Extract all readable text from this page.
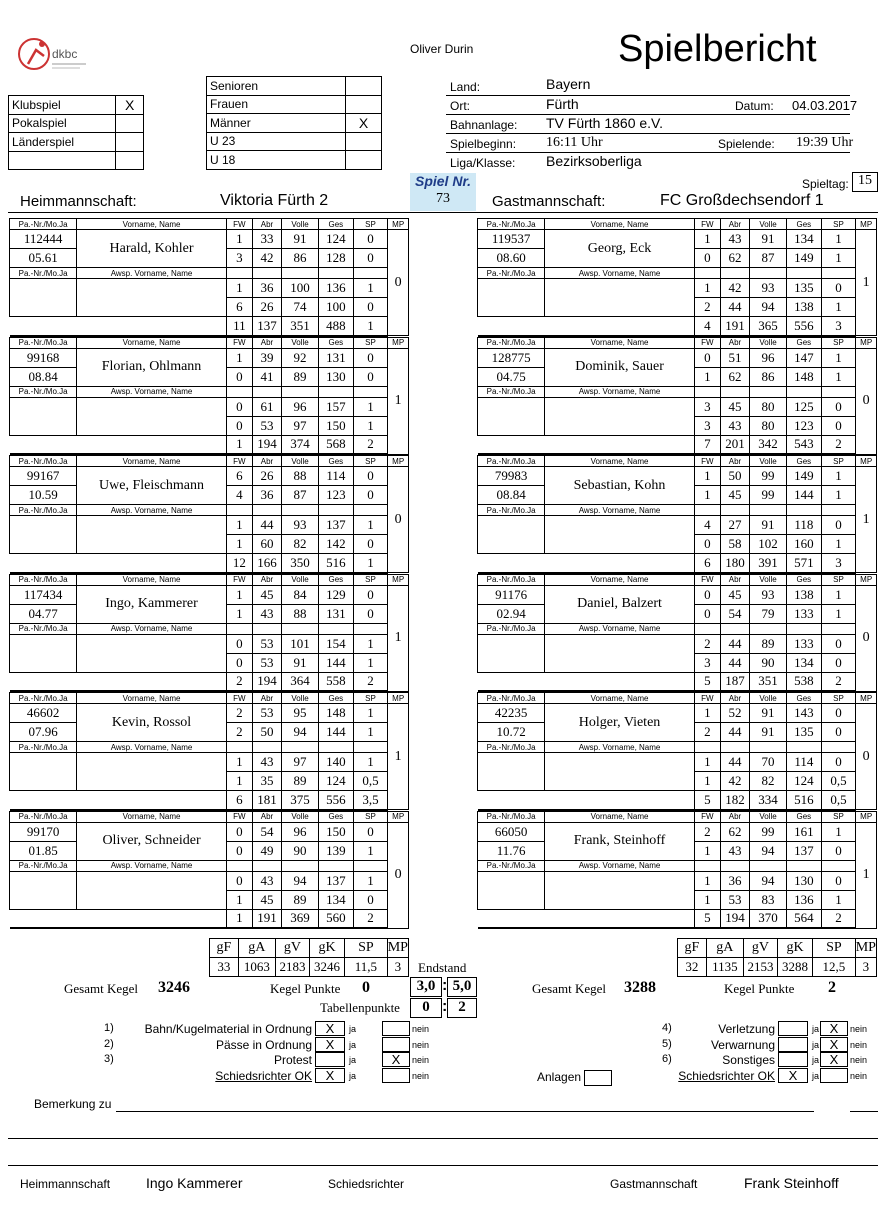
dkbc	Oliver Durin	Spielbericht
Klubspiel	X
Pokalspiel	
Länderspiel	

Senioren	
Frauen	
Männer	X
U 23	
U 18	
Land:	Bayern
Ort:	Fürth	Datum: 04.03.2017
Bahnanlage: TV Fürth 1860 e.V.
Spielbeginn: 16:11 Uhr	Spielende: 19:39 Uhr
Liga/Klasse: Bezirksoberliga
Spieltag: 15
Spiel Nr.
73
Heimmannschaft:	Viktoria Fürth 2	Gastmannschaft:	FC Großdechsendorf 1
Pa.-Nr./Mo.Ja	Vorname, Name	FW	Abr	Volle	Ges	SP	MP
112444	Harald, Kohler	1	33	91	124	0	0
05.61		3	42	86	128	0	
Pa.-Nr./Mo.Ja	Awsp. Vorname, Name						
		1	36	100	136	1	
		6	26	74	100	0	
		11	137	351	488	1	
Pa.-Nr./Mo.Ja	Vorname, Name	FW	Abr	Volle	Ges	SP	MP
99168	Florian, Ohlmann	1	39	92	131	0	1
08.84		0	41	89	130	0	
Pa.-Nr./Mo.Ja	Awsp. Vorname, Name						
		0	61	96	157	1	
		0	53	97	150	1	
		1	194	374	568	2	
Pa.-Nr./Mo.Ja	Vorname, Name	FW	Abr	Volle	Ges	SP	MP
99167	Uwe, Fleischmann	6	26	88	114	0	0
10.59		4	36	87	123	0	
Pa.-Nr./Mo.Ja	Awsp. Vorname, Name						
		1	44	93	137	1	
		1	60	82	142	0	
		12	166	350	516	1	
Pa.-Nr./Mo.Ja	Vorname, Name	FW	Abr	Volle	Ges	SP	MP
117434	Ingo, Kammerer	1	45	84	129	0	1
04.77		1	43	88	131	0	
Pa.-Nr./Mo.Ja	Awsp. Vorname, Name						
		0	53	101	154	1	
		0	53	91	144	1	
		2	194	364	558	2	
Pa.-Nr./Mo.Ja	Vorname, Name	FW	Abr	Volle	Ges	SP	MP
46602	Kevin, Rossol	2	53	95	148	1	1
07.96		2	50	94	144	1	
Pa.-Nr./Mo.Ja	Awsp. Vorname, Name						
		1	43	97	140	1	
		1	35	89	124	0,5	
		6	181	375	556	3,5	
Pa.-Nr./Mo.Ja	Vorname, Name	FW	Abr	Volle	Ges	SP	MP
99170	Oliver, Schneider	0	54	96	150	0	0
01.85		0	49	90	139	1	
Pa.-Nr./Mo.Ja	Awsp. Vorname, Name						
		0	43	94	137	1	
		1	45	89	134	0	
		1	191	369	560	2	
Pa.-Nr./Mo.Ja	Vorname, Name	FW	Abr	Volle	Ges	SP	MP
119537	Georg, Eck	1	43	91	134	1	1
08.60		0	62	87	149	1	
Pa.-Nr./Mo.Ja	Awsp. Vorname, Name						
		1	42	93	135	0	
		2	44	94	138	1	
		4	191	365	556	3	
Pa.-Nr./Mo.Ja	Vorname, Name	FW	Abr	Volle	Ges	SP	MP
128775	Dominik, Sauer	0	51	96	147	1	0
04.75		1	62	86	148	1	
Pa.-Nr./Mo.Ja	Awsp. Vorname, Name						
		3	45	80	125	0	
		3	43	80	123	0	
		7	201	342	543	2	
Pa.-Nr./Mo.Ja	Vorname, Name	FW	Abr	Volle	Ges	SP	MP
79983	Sebastian, Kohn	1	50	99	149	1	1
08.84		1	45	99	144	1	
Pa.-Nr./Mo.Ja	Awsp. Vorname, Name						
		4	27	91	118	0	
		0	58	102	160	1	
		6	180	391	571	3	
Pa.-Nr./Mo.Ja	Vorname, Name	FW	Abr	Volle	Ges	SP	MP
91176	Daniel, Balzert	0	45	93	138	1	0
02.94		0	54	79	133	1	
Pa.-Nr./Mo.Ja	Awsp. Vorname, Name						
		2	44	89	133	0	
		3	44	90	134	0	
		5	187	351	538	2	
Pa.-Nr./Mo.Ja	Vorname, Name	FW	Abr	Volle	Ges	SP	MP
42235	Holger, Vieten	1	52	91	143	0	0
10.72		2	44	91	135	0	
Pa.-Nr./Mo.Ja	Awsp. Vorname, Name						
		1	44	70	114	0	
		1	42	82	124	0,5	
		5	182	334	516	0,5	
Pa.-Nr./Mo.Ja	Vorname, Name	FW	Abr	Volle	Ges	SP	MP
66050	Frank, Steinhoff	2	62	99	161	1	1
11.76		1	43	94	137	0	
Pa.-Nr./Mo.Ja	Awsp. Vorname, Name						
		1	36	94	130	0	
		1	53	83	136	1	
		5	194	370	564	2	
gF	gA	gV	gK	SP	MP
33	1063	2183	3246	11,5	3
gF	gA	gV	gK	SP	MP
32	1135	2153	3288	12,5	3
Endstand
3,0 : 5,0
Tabellenpunkte	0 : 2
Gesamt Kegel 3246	Kegel Punkte 0	Gesamt Kegel 3288	Kegel Punkte 2
1)	Bahn/Kugelmaterial in Ordnung	X	ja	nein
2)	Pässe in Ordnung	X	ja	nein
3)	Protest	ja	X	nein
Schiedsrichter OK	X	ja	nein
4)	Verletzung	ja X	nein
5)	Verwarnung	ja X	nein
6)	Sonstiges	ja X	nein
Schiedsrichter OK	X	ja	nein
Anlagen
Bemerkung zu
Heimmannschaft	Ingo Kammerer	Schiedsrichter	Gastmannschaft	Frank Steinhoff
